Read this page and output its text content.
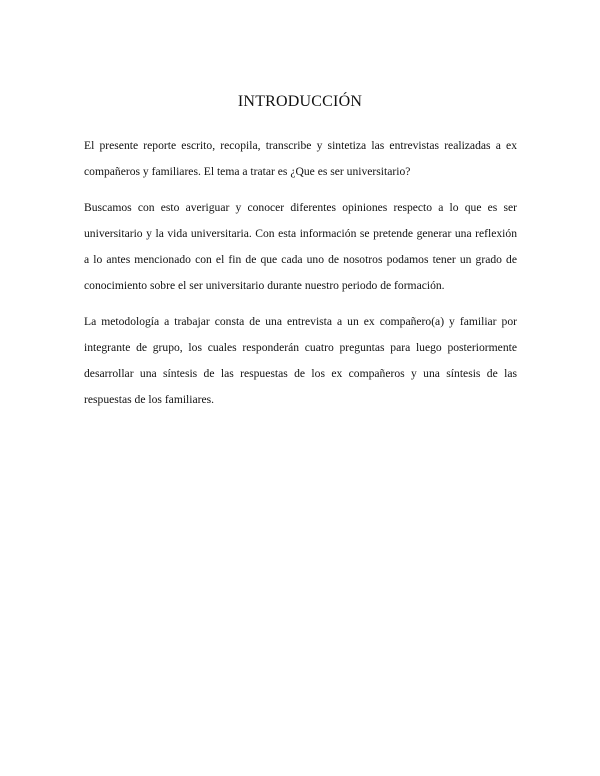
INTRODUCCIÓN

El presente reporte escrito, recopila, transcribe y sintetiza las entrevistas realizadas a ex
compañeros y familiares. El tema a tratar es ¿Que es ser universitario?

Buscamos con esto averiguar y conocer diferentes opiniones respecto a lo que es ser
universitario y la vida universitaria. Con esta información se pretende generar una reflexión
a lo antes mencionado con el fin de que cada uno de nosotros podamos tener un grado de
conocimiento sobre el ser universitario durante nuestro periodo de formación.

La metodología a trabajar consta de una entrevista a un ex compañero(a) y familiar por
integrante de grupo, los cuales responderán cuatro preguntas para luego posteriormente
desarrollar una síntesis de las respuestas de los ex compañeros y una síntesis de las
respuestas de los familiares.
